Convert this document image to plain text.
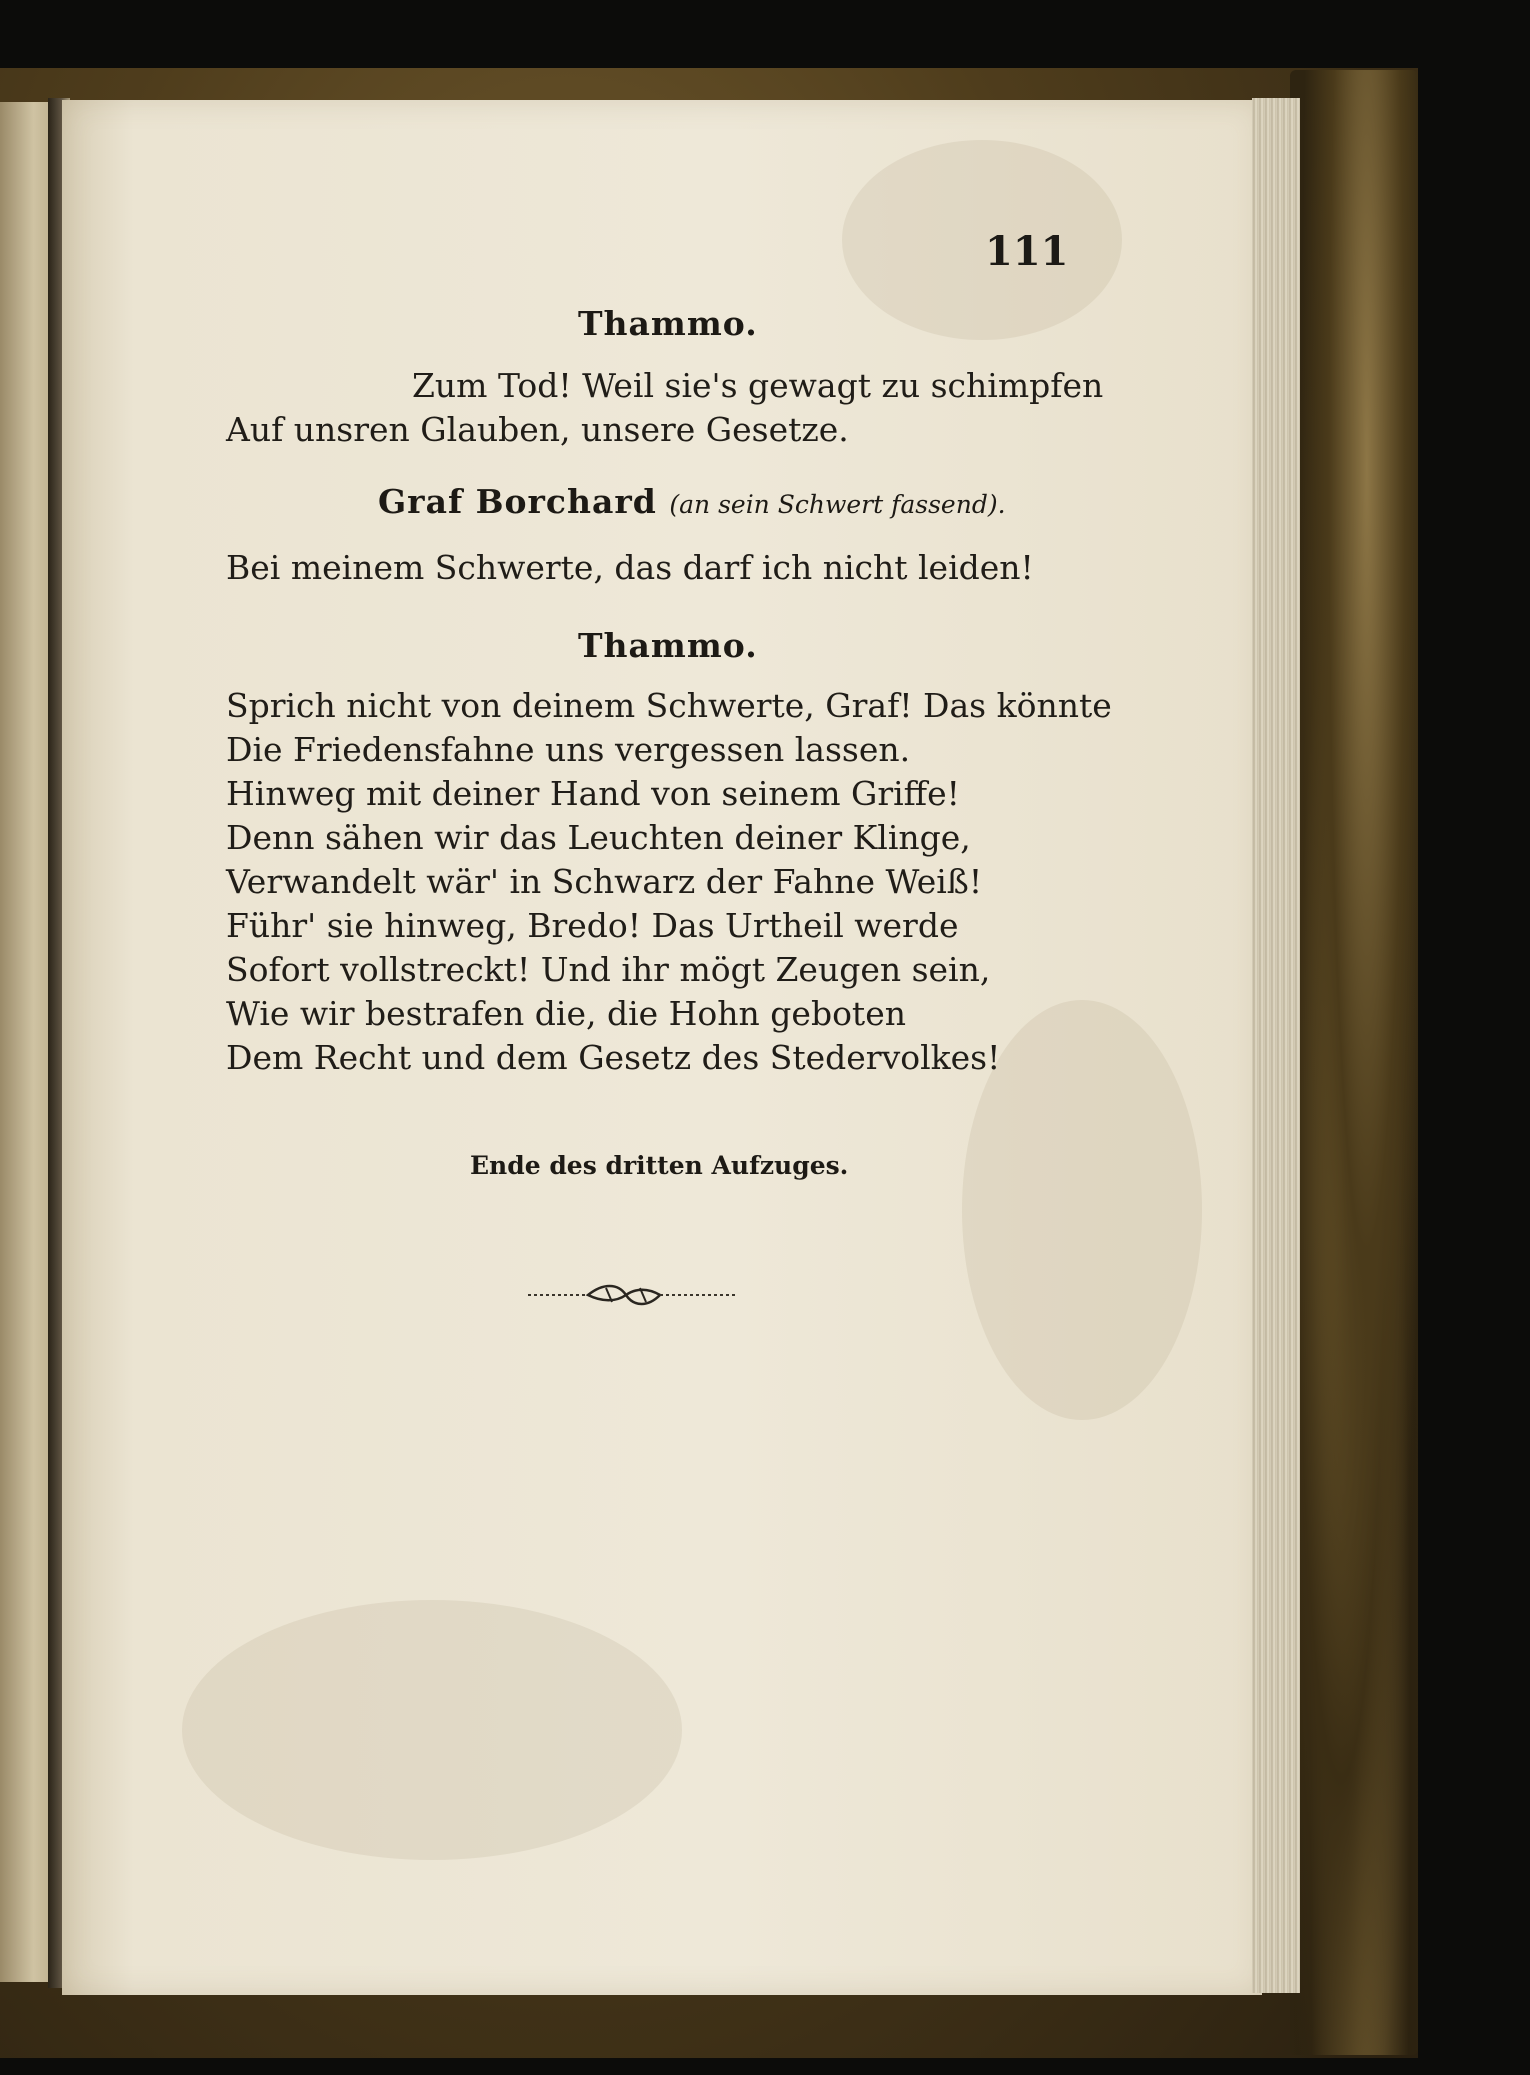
111
Thammo.
Zum Tod! Weil sie's gewagt zu schimpfen
Auf unsren Glauben, unsere Gesetze.
Graf Borchard (an sein Schwert fassend).
Bei meinem Schwerte, das darf ich nicht leiden!
Thammo.
Sprich nicht von deinem Schwerte, Graf! Das könnte
Die Friedensfahne uns vergessen lassen.
Hinweg mit deiner Hand von seinem Griffe!
Denn sähen wir das Leuchten deiner Klinge,
Verwandelt wär' in Schwarz der Fahne Weiß!
Führ' sie hinweg, Bredo! Das Urtheil werde
Sofort vollstreckt! Und ihr mögt Zeugen sein,
Wie wir bestrafen die, die Hohn geboten
Dem Recht und dem Gesetz des Stedervolkes!
Ende des dritten Aufzuges.
